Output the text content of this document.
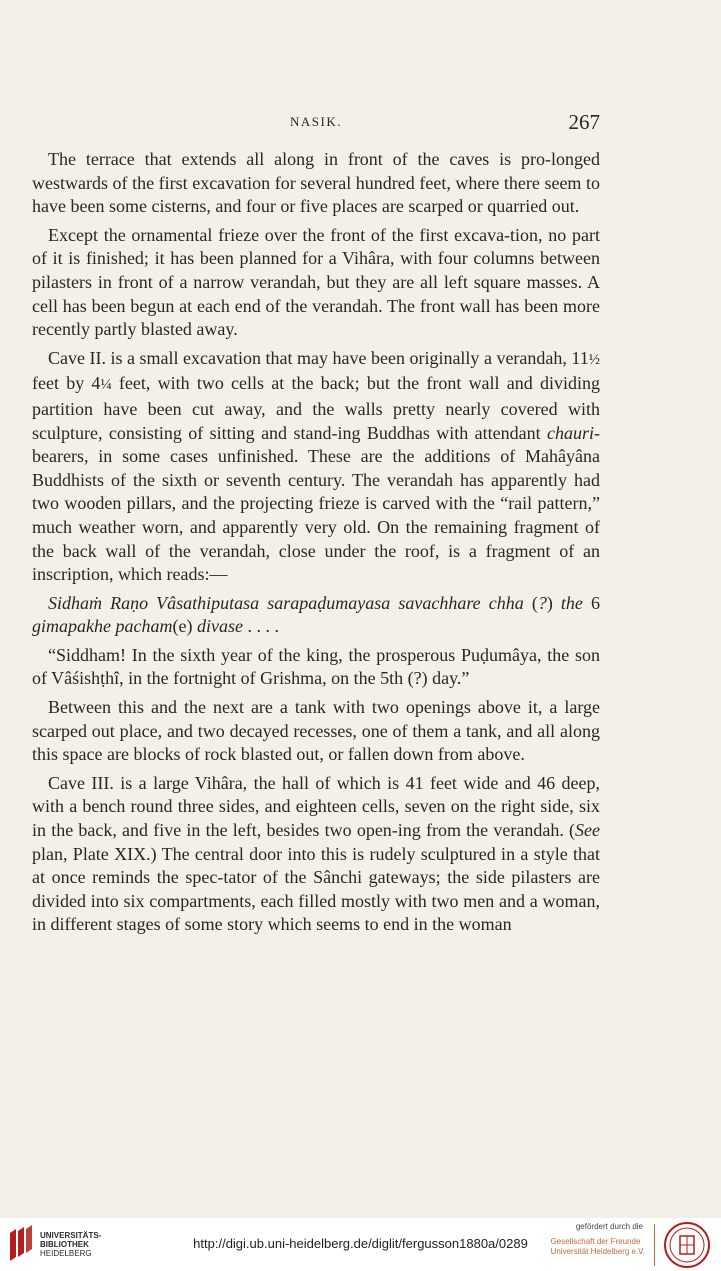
NASIK.	267

The terrace that extends all along in front of the caves is pro-longed westwards of the first excavation for several hundred feet, where there seem to have been some cisterns, and four or five places are scarped or quarried out.

Except the ornamental frieze over the front of the first excava-tion, no part of it is finished; it has been planned for a Vihâra, with four columns between pilasters in front of a narrow verandah, but they are all left square masses. A cell has been begun at each end of the verandah. The front wall has been more recently partly blasted away.

Cave II. is a small excavation that may have been originally a verandah, 11½ feet by 4¼ feet, with two cells at the back; but the front wall and dividing partition have been cut away, and the walls pretty nearly covered with sculpture, consisting of sitting and stand-ing Buddhas with attendant chauri-bearers, in some cases unfinished. These are the additions of Mahâyâna Buddhists of the sixth or seventh century. The verandah has apparently had two wooden pillars, and the projecting frieze is carved with the “rail pattern,” much weather worn, and apparently very old. On the remaining fragment of the back wall of the verandah, close under the roof, is a fragment of an inscription, which reads:—

Sidhaṁ Raṇo Vâsathiputasa sarapaḍumayasa savachhare chha (?) the 6 gimapakhe pacham(e) divase . . . .

“Siddham! In the sixth year of the king, the prosperous Puḍumâya, the son of Vâśishṭhî, in the fortnight of Grishma, on the 5th (?) day.”

Between this and the next are a tank with two openings above it, a large scarped out place, and two decayed recesses, one of them a tank, and all along this space are blocks of rock blasted out, or fallen down from above.

Cave III. is a large Vihâra, the hall of which is 41 feet wide and 46 deep, with a bench round three sides, and eighteen cells, seven on the right side, six in the back, and five in the left, besides two open-ing from the verandah. (See plan, Plate XIX.) The central door into this is rudely sculptured in a style that at once reminds the spec-tator of the Sânchi gateways; the side pilasters are divided into six compartments, each filled mostly with two men and a woman, in different stages of some story which seems to end in the woman

UNIVERSITÄTS-
BIBLIOTHEK
HEIDELBERG
http://digi.ub.uni-heidelberg.de/diglit/fergusson1880a/0289
gefördert durch die
Gesellschaft der Freunde
Universität Heidelberg e.V.
